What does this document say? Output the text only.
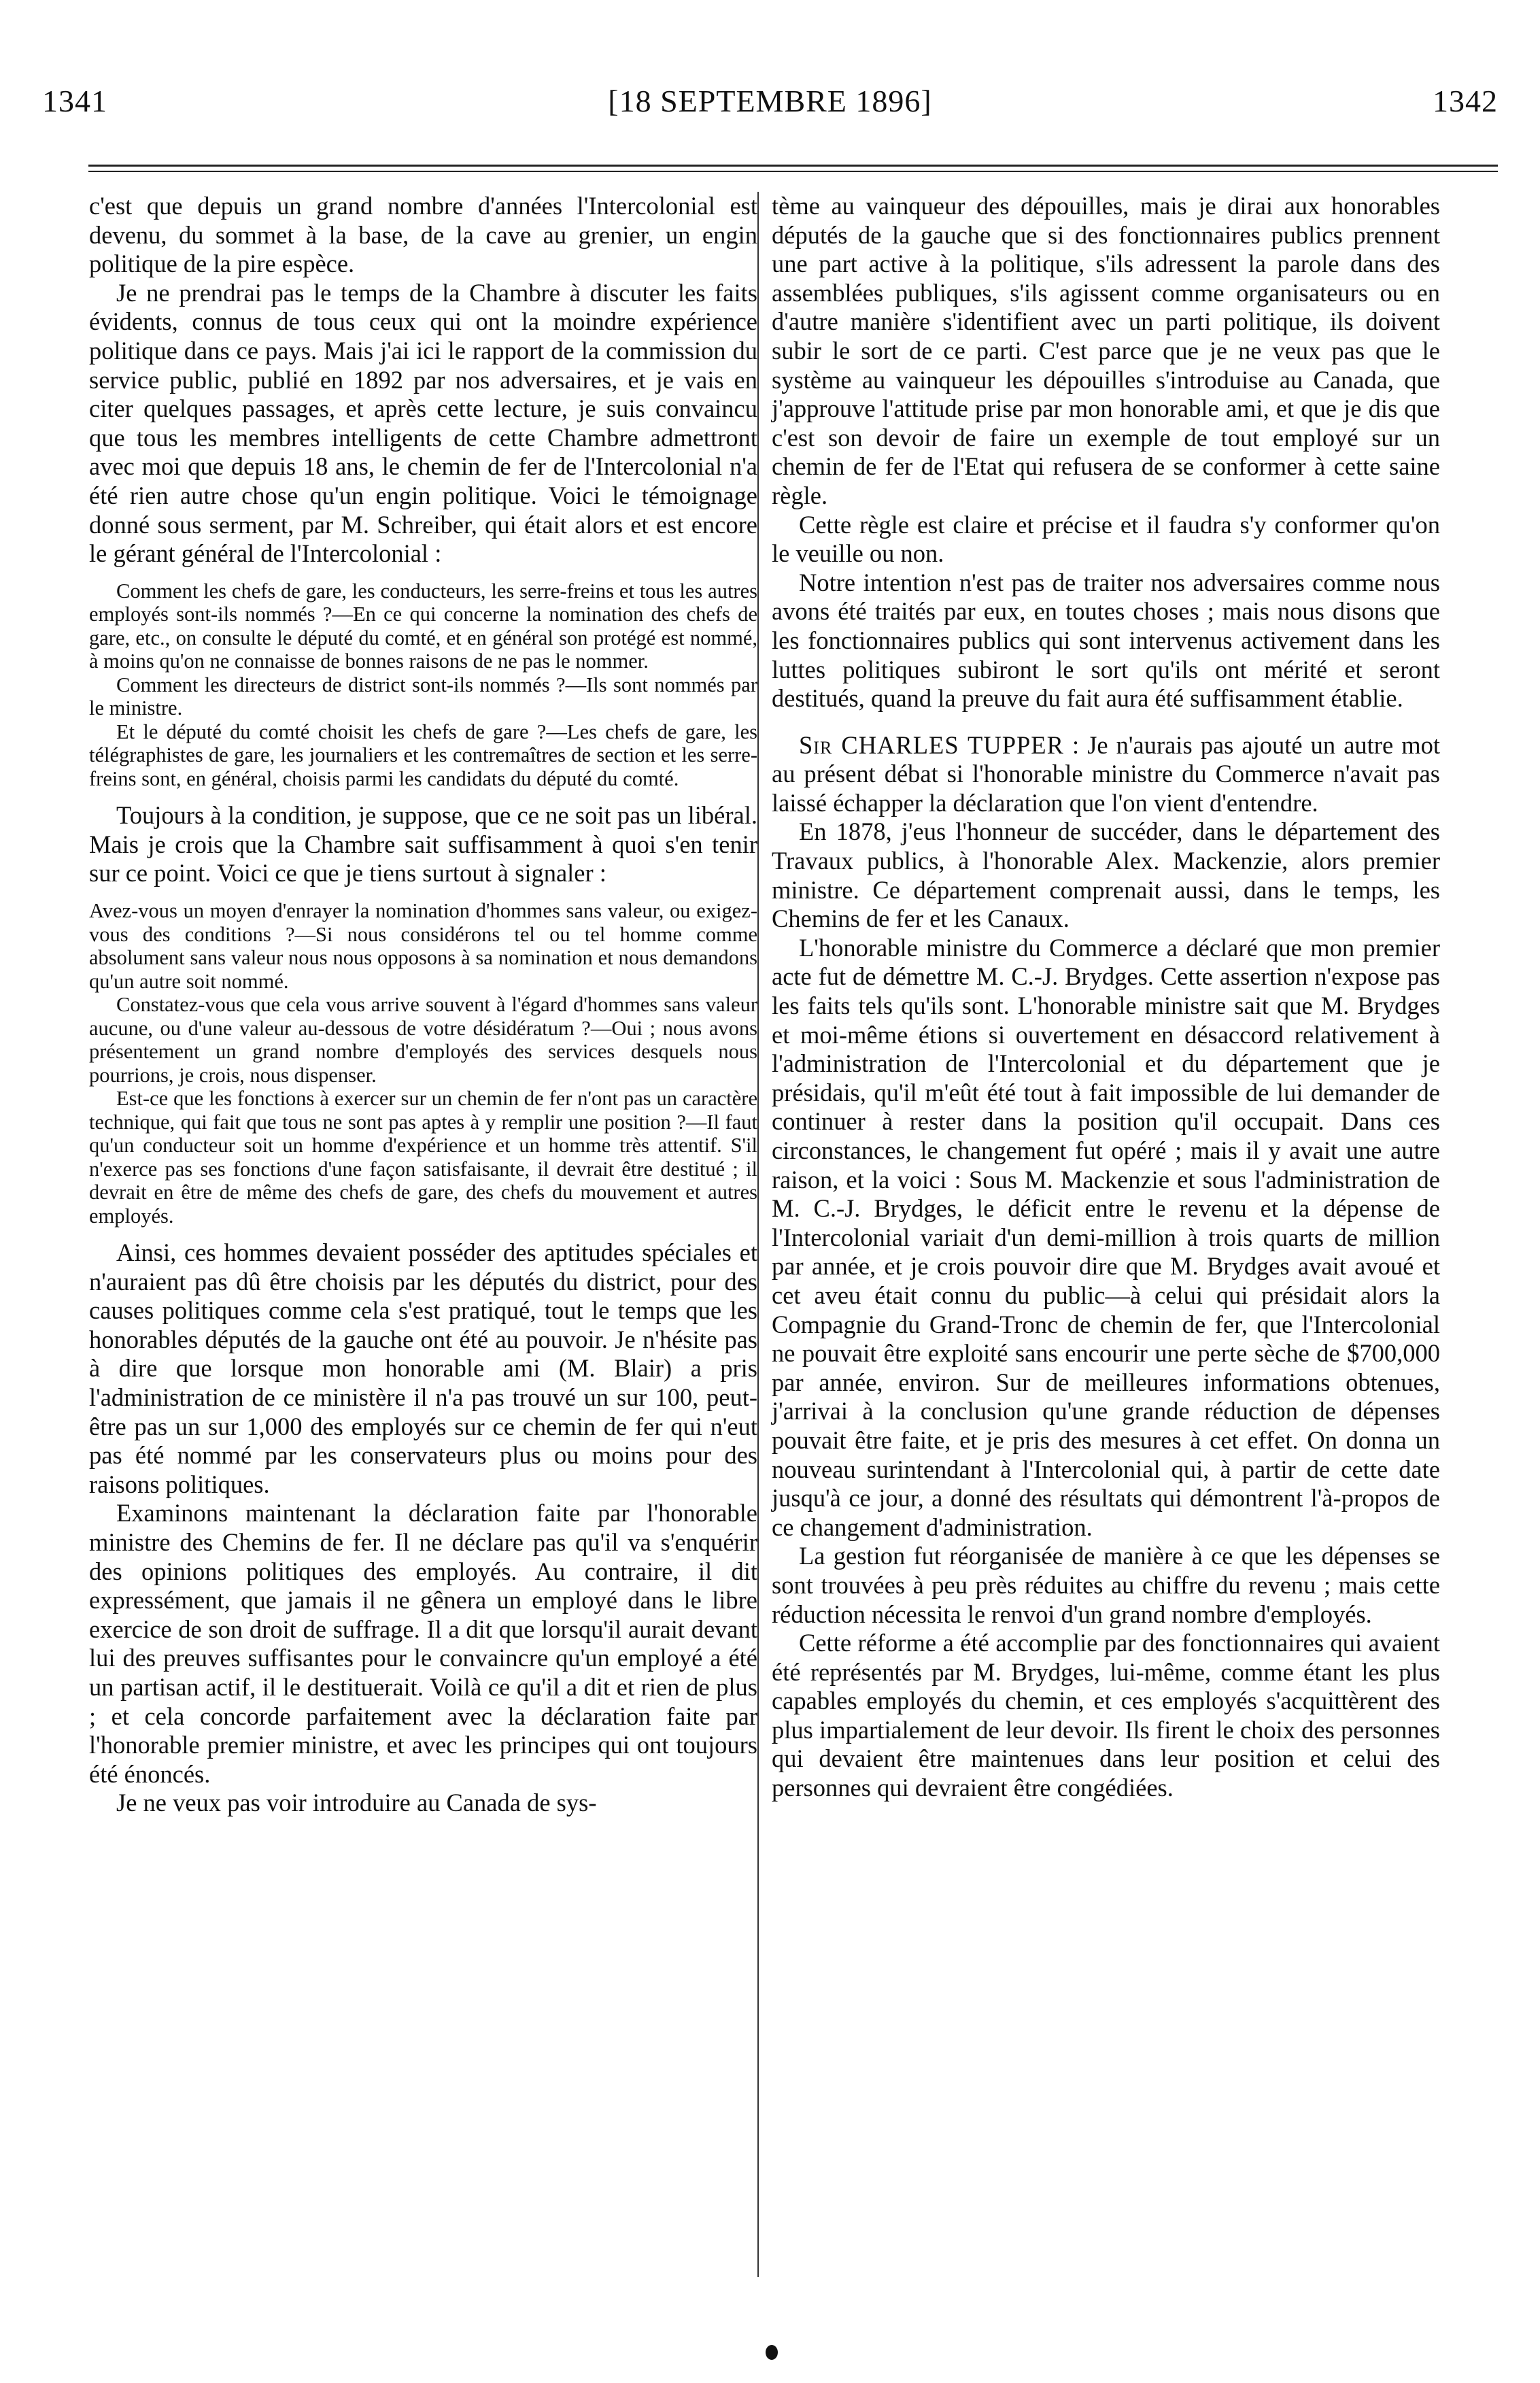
1341	[18 SEPTEMBRE 1896]	1342

c'est que depuis un grand nombre d'années l'Intercolonial est devenu, du sommet à la base, de la cave au grenier, un engin politique de la pire espèce.

Je ne prendrai pas le temps de la Chambre à discuter les faits évidents, connus de tous ceux qui ont la moindre expérience politique dans ce pays. Mais j'ai ici le rapport de la commission du service public, publié en 1892 par nos adversaires, et je vais en citer quelques passages, et après cette lecture, je suis convaincu que tous les membres intelligents de cette Chambre admettront avec moi que depuis 18 ans, le chemin de fer de l'Intercolonial n'a été rien autre chose qu'un engin politique. Voici le témoignage donné sous serment, par M. Schreiber, qui était alors et est encore le gérant général de l'Intercolonial :

Comment les chefs de gare, les conducteurs, les serre-freins et tous les autres employés sont-ils nommés ?—En ce qui concerne la nomination des chefs de gare, etc., on consulte le député du comté, et en général son protégé est nommé, à moins qu'on ne connaisse de bonnes raisons de ne pas le nommer.

Comment les directeurs de district sont-ils nommés ?—Ils sont nommés par le ministre.

Et le député du comté choisit les chefs de gare ?—Les chefs de gare, les télégraphistes de gare, les journaliers et les contremaîtres de section et les serre-freins sont, en général, choisis parmi les candidats du député du comté.

Toujours à la condition, je suppose, que ce ne soit pas un libéral. Mais je crois que la Chambre sait suffisamment à quoi s'en tenir sur ce point. Voici ce que je tiens surtout à signaler :

Avez-vous un moyen d'enrayer la nomination d'hommes sans valeur, ou exigez-vous des conditions ?—Si nous considérons tel ou tel homme comme absolument sans valeur nous nous opposons à sa nomination et nous demandons qu'un autre soit nommé.

Constatez-vous que cela vous arrive souvent à l'égard d'hommes sans valeur aucune, ou d'une valeur au-dessous de votre désidératum ?—Oui ; nous avons présentement un grand nombre d'employés des services desquels nous pourrions, je crois, nous dispenser.

Est-ce que les fonctions à exercer sur un chemin de fer n'ont pas un caractère technique, qui fait que tous ne sont pas aptes à y remplir une position ?—Il faut qu'un conducteur soit un homme d'expérience et un homme très attentif. S'il n'exerce pas ses fonctions d'une façon satisfaisante, il devrait être destitué ; il devrait en être de même des chefs de gare, des chefs du mouvement et autres employés.

Ainsi, ces hommes devaient posséder des aptitudes spéciales et n'auraient pas dû être choisis par les députés du district, pour des causes politiques comme cela s'est pratiqué, tout le temps que les honorables députés de la gauche ont été au pouvoir. Je n'hésite pas à dire que lorsque mon honorable ami (M. Blair) a pris l'administration de ce ministère il n'a pas trouvé un sur 100, peut-être pas un sur 1,000 des employés sur ce chemin de fer qui n'eut pas été nommé par les conservateurs plus ou moins pour des raisons politiques.

Examinons maintenant la déclaration faite par l'honorable ministre des Chemins de fer. Il ne déclare pas qu'il va s'enquérir des opinions politiques des employés. Au contraire, il dit expressément, que jamais il ne gênera un employé dans le libre exercice de son droit de suffrage. Il a dit que lorsqu'il aurait devant lui des preuves suffisantes pour le convaincre qu'un employé a été un partisan actif, il le destituerait. Voilà ce qu'il a dit et rien de plus ; et cela concorde parfaitement avec la déclaration faite par l'honorable premier ministre, et avec les principes qui ont toujours été énoncés.

Je ne veux pas voir introduire au Canada de sys-

tème au vainqueur des dépouilles, mais je dirai aux honorables députés de la gauche que si des fonctionnaires publics prennent une part active à la politique, s'ils adressent la parole dans des assemblées publiques, s'ils agissent comme organisateurs ou en d'autre manière s'identifient avec un parti politique, ils doivent subir le sort de ce parti. C'est parce que je ne veux pas que le système au vainqueur les dépouilles s'introduise au Canada, que j'approuve l'attitude prise par mon honorable ami, et que je dis que c'est son devoir de faire un exemple de tout employé sur un chemin de fer de l'Etat qui refusera de se conformer à cette saine règle.

Cette règle est claire et précise et il faudra s'y conformer qu'on le veuille ou non.

Notre intention n'est pas de traiter nos adversaires comme nous avons été traités par eux, en toutes choses ; mais nous disons que les fonctionnaires publics qui sont intervenus activement dans les luttes politiques subiront le sort qu'ils ont mérité et seront destitués, quand la preuve du fait aura été suffisamment établie.

Sir CHARLES TUPPER : Je n'aurais pas ajouté un autre mot au présent débat si l'honorable ministre du Commerce n'avait pas laissé échapper la déclaration que l'on vient d'entendre.

En 1878, j'eus l'honneur de succéder, dans le département des Travaux publics, à l'honorable Alex. Mackenzie, alors premier ministre. Ce département comprenait aussi, dans le temps, les Chemins de fer et les Canaux.

L'honorable ministre du Commerce a déclaré que mon premier acte fut de démettre M. C.-J. Brydges. Cette assertion n'expose pas les faits tels qu'ils sont. L'honorable ministre sait que M. Brydges et moi-même étions si ouvertement en désaccord relativement à l'administration de l'Intercolonial et du département que je présidais, qu'il m'eût été tout à fait impossible de lui demander de continuer à rester dans la position qu'il occupait. Dans ces circonstances, le changement fut opéré ; mais il y avait une autre raison, et la voici : Sous M. Mackenzie et sous l'administration de M. C.-J. Brydges, le déficit entre le revenu et la dépense de l'Intercolonial variait d'un demi-million à trois quarts de million par année, et je crois pouvoir dire que M. Brydges avait avoué et cet aveu était connu du public—à celui qui présidait alors la Compagnie du Grand-Tronc de chemin de fer, que l'Intercolonial ne pouvait être exploité sans encourir une perte sèche de $700,000 par année, environ. Sur de meilleures informations obtenues, j'arrivai à la conclusion qu'une grande réduction de dépenses pouvait être faite, et je pris des mesures à cet effet. On donna un nouveau surintendant à l'Intercolonial qui, à partir de cette date jusqu'à ce jour, a donné des résultats qui démontrent l'à-propos de ce changement d'administration.

La gestion fut réorganisée de manière à ce que les dépenses se sont trouvées à peu près réduites au chiffre du revenu ; mais cette réduction nécessita le renvoi d'un grand nombre d'employés.

Cette réforme a été accomplie par des fonctionnaires qui avaient été représentés par M. Brydges, lui-même, comme étant les plus capables employés du chemin, et ces employés s'acquittèrent des plus impartialement de leur devoir. Ils firent le choix des personnes qui devaient être maintenues dans leur position et celui des personnes qui devraient être congédiées.
